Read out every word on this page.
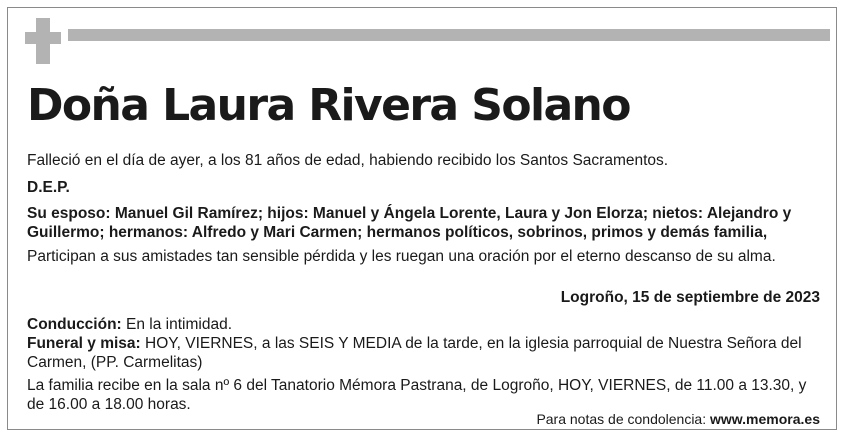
Doña Laura Rivera Solano

Falleció en el día de ayer, a los 81 años de edad, habiendo recibido los Santos Sacramentos.

D.E.P.

Su esposo: Manuel Gil Ramírez; hijos: Manuel y Ángela Lorente, Laura y Jon Elorza; nietos: Alejandro y Guillermo; hermanos: Alfredo y Mari Carmen; hermanos políticos, sobrinos, primos y demás familia,

Participan a sus amistades tan sensible pérdida y les ruegan una oración por el eterno descanso de su alma.

Logroño, 15 de septiembre de 2023

Conducción: En la intimidad.

Funeral y misa: HOY, VIERNES, a las SEIS Y MEDIA de la tarde, en la iglesia parroquial de Nuestra Señora del Carmen, (PP. Carmelitas)

La familia recibe en la sala nº 6 del Tanatorio Mémora Pastrana, de Logroño, HOY, VIERNES, de 11.00 a 13.30, y de 16.00 a 18.00 horas.

Para notas de condolencia: www.memora.es
